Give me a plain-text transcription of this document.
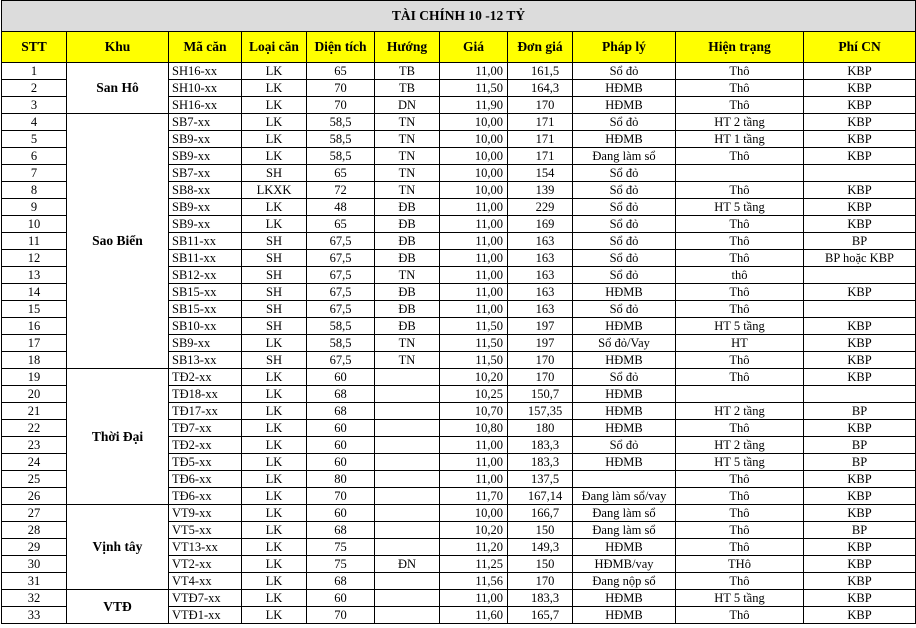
TÀI CHÍNH 10 -12 TỶ										
STT	Khu	Mã căn	Loại căn	Diện tích	Hướng	Giá	Đơn giá	Pháp lý	Hiện trạng	Phí CN
1	San Hô	SH16-xx	LK	65	TB	11,00	161,5	Sổ đỏ	Thô	KBP
2		SH10-xx	LK	70	TB	11,50	164,3	HĐMB	Thô	KBP
3		SH16-xx	LK	70	DN	11,90	170	HĐMB	Thô	KBP
4	Sao Biển	SB7-xx	LK	58,5	TN	10,00	171	Sổ đỏ	HT 2 tầng	KBP
5		SB9-xx	LK	58,5	TN	10,00	171	HĐMB	HT 1 tầng	KBP
6		SB9-xx	LK	58,5	TN	10,00	171	Đang làm sổ	Thô	KBP
7		SB7-xx	SH	65	TN	10,00	154	Sổ đỏ		
8		SB8-xx	LKXK	72	TN	10,00	139	Sổ đỏ	Thô	KBP
9		SB9-xx	LK	48	ĐB	11,00	229	Sổ đỏ	HT 5 tầng	KBP
10		SB9-xx	LK	65	ĐB	11,00	169	Sổ đỏ	Thô	KBP
11		SB11-xx	SH	67,5	ĐB	11,00	163	Sổ đỏ	Thô	BP
12		SB11-xx	SH	67,5	ĐB	11,00	163	Sổ đỏ	Thô	BP hoặc KBP
13		SB12-xx	SH	67,5	TN	11,00	163	Sổ đỏ	thô	
14		SB15-xx	SH	67,5	ĐB	11,00	163	HĐMB	Thô	KBP
15		SB15-xx	SH	67,5	ĐB	11,00	163	Sổ đỏ	Thô	
16		SB10-xx	SH	58,5	ĐB	11,50	197	HĐMB	HT 5 tầng	KBP
17		SB9-xx	LK	58,5	TN	11,50	197	Sổ đỏ/Vay	HT	KBP
18		SB13-xx	SH	67,5	TN	11,50	170	HĐMB	Thô	KBP
19	Thời Đại	TĐ2-xx	LK	60		10,20	170	Sổ đỏ	Thô	KBP
20		TĐ18-xx	LK	68		10,25	150,7	HĐMB		
21		TĐ17-xx	LK	68		10,70	157,35	HĐMB	HT 2 tầng	BP
22		TĐ7-xx	LK	60		10,80	180	HĐMB	Thô	KBP
23		TĐ2-xx	LK	60		11,00	183,3	Sổ đỏ	HT 2 tầng	BP
24		TĐ5-xx	LK	60		11,00	183,3	HĐMB	HT 5 tầng	BP
25		TĐ6-xx	LK	80		11,00	137,5		Thô	KBP
26		TĐ6-xx	LK	70		11,70	167,14	Đang làm sổ/vay	Thô	KBP
27	Vịnh tây	VT9-xx	LK	60		10,00	166,7	Đang làm sổ	Thô	KBP
28		VT5-xx	LK	68		10,20	150	Đang làm sổ	Thô	BP
29		VT13-xx	LK	75		11,20	149,3	HĐMB	Thô	KBP
30		VT2-xx	LK	75	ĐN	11,25	150	HĐMB/vay	THô	KBP
31		VT4-xx	LK	68		11,56	170	Đang nộp sổ	Thô	KBP
32	VTĐ	VTĐ7-xx	LK	60		11,00	183,3	HĐMB	HT 5 tầng	KBP
33		VTĐ1-xx	LK	70		11,60	165,7	HĐMB	Thô	KBP
